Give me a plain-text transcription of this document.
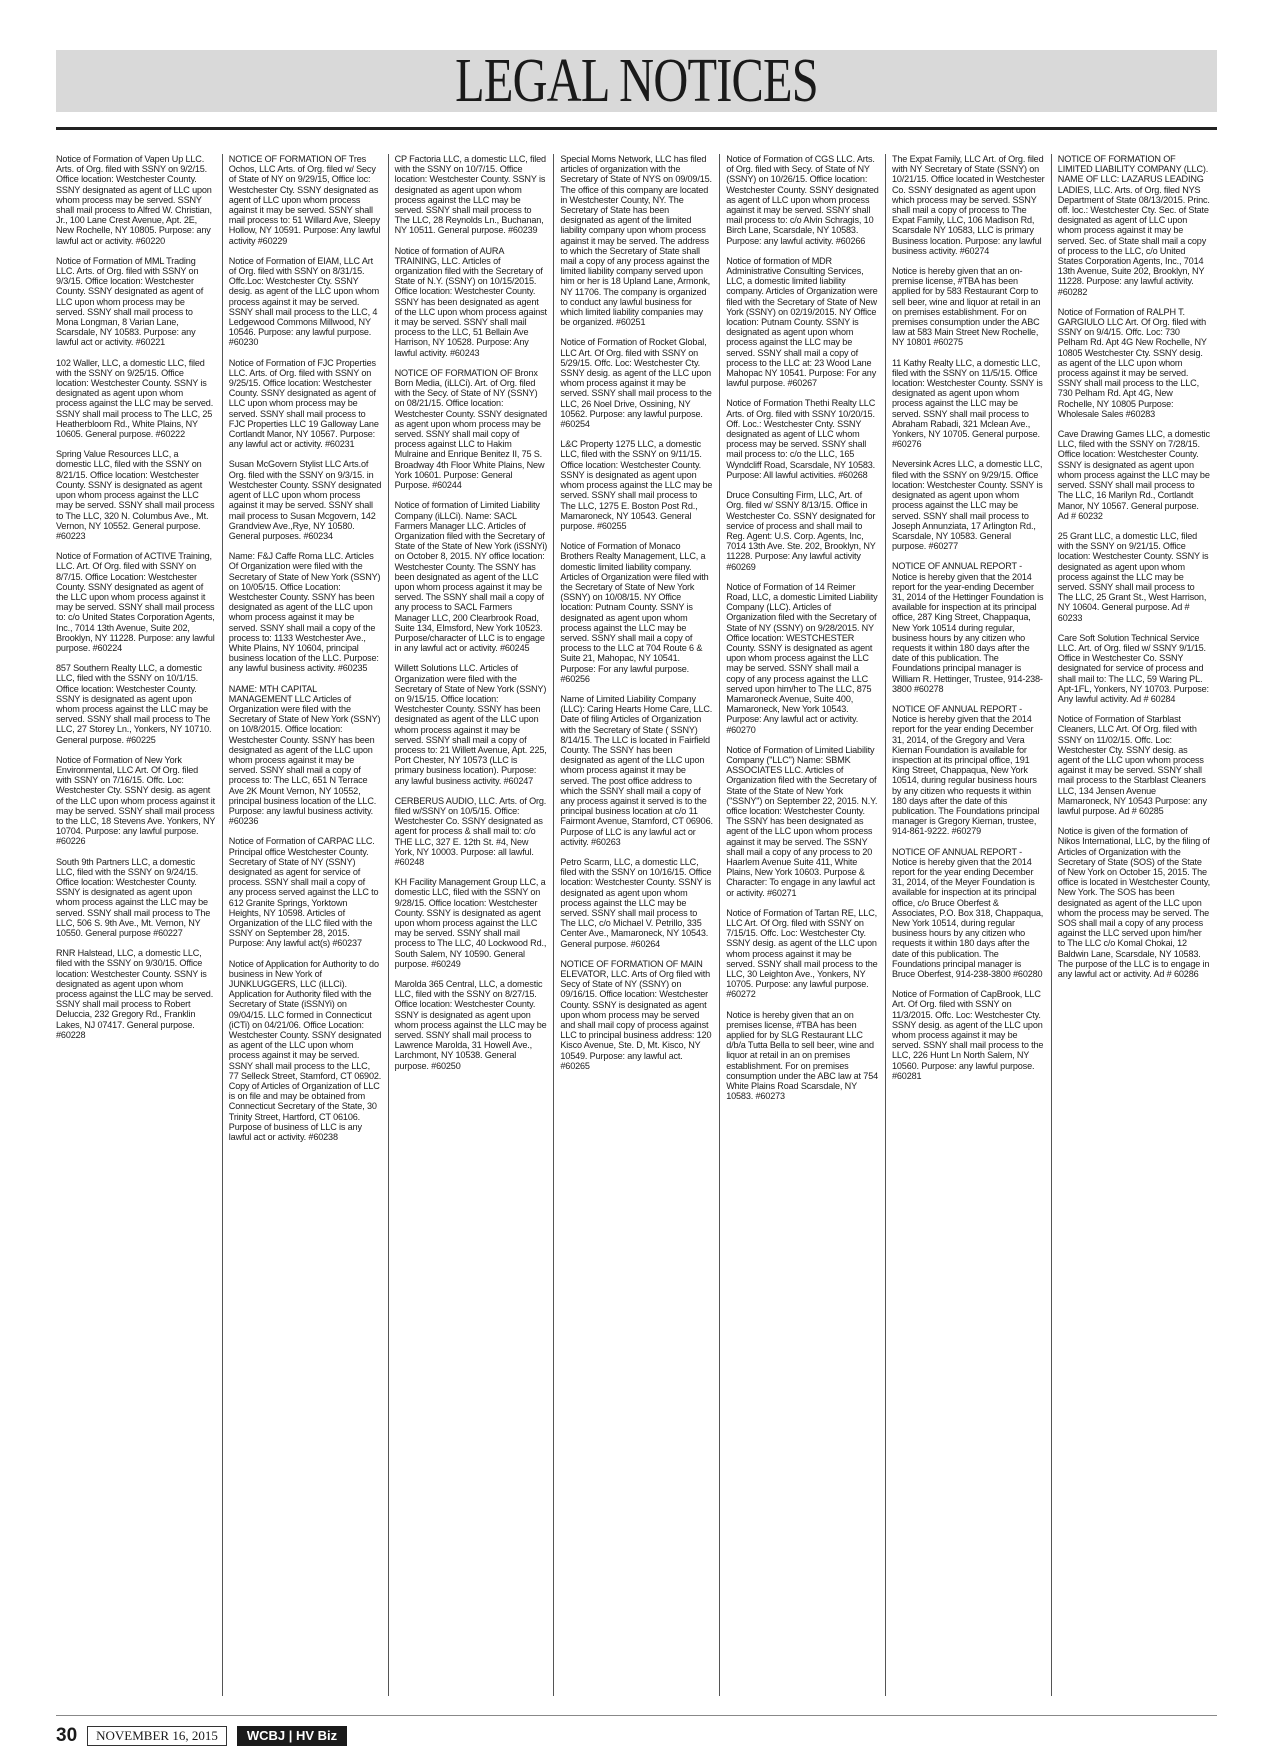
LEGAL NOTICES

Notice of Formation of Vapen Up LLC. Arts. of Org. filed with SSNY on 9/2/15. Office location: Westchester County. SSNY designated as agent of LLC upon whom process may be served. SSNY shall mail process to Alfred W. Christian, Jr., 100 Lane Crest Avenue, Apt. 2E, New Rochelle, NY 10805. Purpose: any lawful act or activity. #60220

Notice of Formation of MML Trading LLC. Arts. of Org. filed with SSNY on 9/3/15. Office location: Westchester County. SSNY designated as agent of LLC upon whom process may be served. SSNY shall mail process to Mona Longman, 8 Varian Lane, Scarsdale, NY 10583. Purpose: any lawful act or activity. #60221

102 Waller, LLC, a domestic LLC, filed with the SSNY on 9/25/15. Office location: Westchester County. SSNY is designated as agent upon whom process against the LLC may be served. SSNY shall mail process to The LLC, 25 Heatherbloom Rd., White Plains, NY 10605. General purpose. #60222

Spring Value Resources LLC, a domestic LLC, filed with the SSNY on 8/21/15. Office location: Westchester County. SSNY is designated as agent upon whom process against the LLC may be served. SSNY shall mail process to The LLC, 320 N. Columbus Ave., Mt. Vernon, NY 10552. General purpose. #60223

Notice of Formation of ACTIVE Training, LLC. Art. Of Org. filed with SSNY on 8/7/15. Office Location: Westchester County. SSNY designated as agent of the LLC upon whom process against it may be served. SSNY shall mail process to: c/o United States Corporation Agents, Inc., 7014 13th Avenue, Suite 202, Brooklyn, NY 11228. Purpose: any lawful purpose. #60224

857 Southern Realty LLC, a domestic LLC, filed with the SSNY on 10/1/15. Office location: Westchester County. SSNY is designated as agent upon whom process against the LLC may be served. SSNY shall mail process to The LLC, 27 Storey Ln., Yonkers, NY 10710. General purpose. #60225

Notice of Formation of New York Environmental, LLC Art. Of Org. filed with SSNY on 7/16/15. Offc. Loc: Westchester Cty. SSNY desig. as agent of the LLC upon whom process against it may be served. SSNY shall mail process to the LLC, 18 Stevens Ave. Yonkers, NY 10704. Purpose: any lawful purpose. #60226

South 9th Partners LLC, a domestic LLC, filed with the SSNY on 9/24/15. Office location: Westchester County. SSNY is designated as agent upon whom process against the LLC may be served. SSNY shall mail process to The LLC, 506 S. 9th Ave., Mt. Vernon, NY 10550. General purpose #60227

RNR Halstead, LLC, a domestic LLC, filed with the SSNY on 9/30/15. Office location: Westchester County. SSNY is designated as agent upon whom process against the LLC may be served. SSNY shall mail process to Robert Deluccia, 232 Gregory Rd., Franklin Lakes, NJ 07417. General purpose. #60228

NOTICE OF FORMATION OF Tres Ochos, LLC Arts. of Org. filed w/ Secy of State of NY on 9/29/15, Office loc: Westchester Cty. SSNY designated as agent of LLC upon whom process against it may be served. SSNY shall mail process to: 51 Willard Ave, Sleepy Hollow, NY 10591. Purpose: Any lawful activity #60229

Notice of Formation of EIAM, LLC Art of Org. filed with SSNY on 8/31/15. Offc.Loc: Westchester Cty. SSNY desig. as agent of the LLC upon whom process against it may be served. SSNY shall mail process to the LLC, 4 Ledgewood Commons Millwood, NY 10546. Purpose: any lawful purpose. #60230

Notice of Formation of FJC Properties LLC. Arts. of Org. filed with SSNY on 9/25/15. Office location: Westchester County. SSNY designated as agent of LLC upon whom process may be served. SSNY shall mail process to FJC Properties LLC 19 Galloway Lane Cortlandt Manor, NY 10567. Purpose: any lawful act or activity. #60231

Susan McGovern Stylist LLC Arts.of Org. filed with the SSNY on 9/3/15. in Westchester County. SSNY designated agent of LLC upon whom process against it may be served. SSNY shall mail process to Susan Mcgovern, 142 Grandview Ave.,Rye, NY 10580. General purposes. #60234

Name: F&J Caffe Roma LLC. Articles Of Organization were filed with the Secretary of State of New York (SSNY) on 10/05/15. Office Location: Westchester County. SSNY has been designated as agent of the LLC upon whom process against it may be served. SSNY shall mail a copy of the process to: 1133 Westchester Ave., White Plains, NY 10604, principal business location of the LLC. Purpose: any lawful business activity. #60235

NAME: MTH CAPITAL MANAGEMENT LLC Articles of Organization were filed with the Secretary of State of New York (SSNY) on 10/8/2015. Office location: Westchester County. SSNY has been designated as agent of the LLC upon whom process against it may be served. SSNY shall mail a copy of process to: The LLC, 651 N Terrace Ave 2K Mount Vernon, NY 10552, principal business location of the LLC. Purpose: any lawful business activity. #60236

Notice of Formation of CARPAC LLC. Principal office Westchester County. Secretary of State of NY (SSNY) designated as agent for service of process. SSNY shall mail a copy of any process served against the LLC to 612 Granite Springs, Yorktown Heights, NY 10598. Articles of Organization of the LLC filed with the SSNY on September 28, 2015. Purpose: Any lawful act(s) #60237

Notice of Application for Authority to do business in New York of JUNKLUGGERS, LLC (iLLCi). Application for Authority filed with the Secretary of State (iSSNYi) on 09/04/15. LLC formed in Connecticut (iCTi) on 04/21/06. Office Location: Westchester County. SSNY designated as agent of the LLC upon whom process against it may be served. SSNY shall mail process to the LLC, 77 Selleck Street, Stamford, CT 06902. Copy of Articles of Organization of LLC is on file and may be obtained from Connecticut Secretary of the State, 30 Trinity Street, Hartford, CT 06106. Purpose of business of LLC is any lawful act or activity. #60238

CP Factoria LLC, a domestic LLC, filed with the SSNY on 10/7/15. Office location: Westchester County. SSNY is designated as agent upon whom process against the LLC may be served. SSNY shall mail process to The LLC, 28 Reynolds Ln., Buchanan, NY 10511. General purpose. #60239

Notice of formation of AURA TRAINING, LLC. Articles of organization filed with the Secretary of State of N.Y. (SSNY) on 10/15/2015. Office location: Westchester County. SSNY has been designated as agent of the LLC upon whom process against it may be served. SSNY shall mail process to the LLC, 51 Bellain Ave Harrison, NY 10528. Purpose: Any lawful activity. #60243

NOTICE OF FORMATION OF Bronx Born Media, (iLLCi). Art. of Org. filed with the Secy. of State of NY (SSNY) on 08/21/15. Office location: Westchester County. SSNY designated as agent upon whom process may be served. SSNY shall mail copy of process against LLC to Hakim Mulraine and Enrique Benitez II, 75 S. Broadway 4th Floor White Plains, New York 10601. Purpose: General Purpose. #60244

Notice of formation of Limited Liability Company (iLLCi). Name: SACL Farmers Manager LLC. Articles of Organization filed with the Secretary of State of the State of New York (iSSNYi) on October 8, 2015. NY office location: Westchester County. The SSNY has been designated as agent of the LLC upon whom process against it may be served. The SSNY shall mail a copy of any process to SACL Farmers Manager LLC, 200 Clearbrook Road, Suite 134, Elmsford, New York 10523. Purpose/character of LLC is to engage in any lawful act or activity. #60245

Willett Solutions LLC. Articles of Organization were filed with the Secretary of State of New York (SSNY) on 9/15/15. Office location: Westchester County. SSNY has been designated as agent of the LLC upon whom process against it may be served. SSNY shall mail a copy of process to: 21 Willett Avenue, Apt. 225, Port Chester, NY 10573 (LLC is primary business location). Purpose: any lawful business activity. #60247

CERBERUS AUDIO, LLC. Arts. of Org. filed w/SSNY on 10/5/15. Office: Westchester Co. SSNY designated as agent for process & shall mail to: c/o THE LLC, 327 E. 12th St. #4, New York, NY 10003. Purpose: all lawful. #60248

KH Facility Management Group LLC, a domestic LLC, filed with the SSNY on 9/28/15. Office location: Westchester County. SSNY is designated as agent upon whom process against the LLC may be served. SSNY shall mail process to The LLC, 40 Lockwood Rd., South Salem, NY 10590. General purpose. #60249

Marolda 365 Central, LLC, a domestic LLC, filed with the SSNY on 8/27/15. Office location: Westchester County. SSNY is designated as agent upon whom process against the LLC may be served. SSNY shall mail process to Lawrence Marolda, 31 Howell Ave., Larchmont, NY 10538. General purpose. #60250

Special Moms Network, LLC has filed articles of organization with the Secretary of State of NYS on 09/09/15. The office of this company are located in Westchester County, NY. The Secretary of State has been designated as agent of the limited liability company upon whom process against it may be served. The address to which the Secretary of State shall mail a copy of any process against the limited liability company served upon him or her is 18 Upland Lane, Armonk, NY 11706. The company is organized to conduct any lawful business for which limited liability companies may be organized. #60251

Notice of Formation of Rocket Global, LLC Art. Of Org. filed with SSNY on 5/29/15. Offc. Loc: Westchester Cty. SSNY desig. as agent of the LLC upon whom process against it may be served. SSNY shall mail process to the LLC, 26 Noel Drive, Ossining, NY 10562. Purpose: any lawful purpose. #60254

L&C Property 1275 LLC, a domestic LLC, filed with the SSNY on 9/11/15. Office location: Westchester County. SSNY is designated as agent upon whom process against the LLC may be served. SSNY shall mail process to The LLC, 1275 E. Boston Post Rd., Mamaroneck, NY 10543. General purpose. #60255

Notice of Formation of Monaco Brothers Realty Management, LLC, a domestic limited liability company. Articles of Organization were filed with the Secretary of State of New York (SSNY) on 10/08/15. NY Office location: Putnam County. SSNY is designated as agent upon whom process against the LLC may be served. SSNY shall mail a copy of process to the LLC at 704 Route 6 & Suite 21, Mahopac, NY 10541. Purpose: For any lawful purpose. #60256

Name of Limited Liability Company (LLC): Caring Hearts Home Care, LLC. Date of filing Articles of Organization with the Secretary of State ( SSNY) 8/14/15. The LLC is located in Fairfield County. The SSNY has been designated as agent of the LLC upon whom process against it may be served. The post office address to which the SSNY shall mail a copy of any process against it served is to the principal business location at c/o 11 Fairmont Avenue, Stamford, CT 06906. Purpose of LLC is any lawful act or activity. #60263

Petro Scarm, LLC, a domestic LLC, filed with the SSNY on 10/16/15. Office location: Westchester County. SSNY is designated as agent upon whom process against the LLC may be served. SSNY shall mail process to The LLC, c/o Michael V. Petrillo, 335 Center Ave., Mamaroneck, NY 10543. General purpose. #60264

NOTICE OF FORMATION OF MAIN ELEVATOR, LLC. Arts of Org filed with Secy of State of NY (SSNY) on 09/16/15. Office location: Westchester County. SSNY is designated as agent upon whom process may be served and shall mail copy of process against LLC to principal business address: 120 Kisco Avenue, Ste. D, Mt. Kisco, NY 10549. Purpose: any lawful act. #60265

Notice of Formation of CGS LLC. Arts. of Org. filed with Secy. of State of NY (SSNY) on 10/26/15. Office location: Westchester County. SSNY designated as agent of LLC upon whom process against it may be served. SSNY shall mail process to: c/o Alvin Schragis, 10 Birch Lane, Scarsdale, NY 10583. Purpose: any lawful activity. #60266

Notice of formation of MDR Administrative Consulting Services, LLC, a domestic limited liability company. Articles of Organization were filed with the Secretary of State of New York (SSNY) on 02/19/2015. NY Office location: Putnam County. SSNY is designated as agent upon whom process against the LLC may be served. SSNY shall mail a copy of process to the LLC at: 23 Wood Lane Mahopac NY 10541. Purpose: For any lawful purpose. #60267

Notice of Formation Thethi Realty LLC Arts. of Org. filed with SSNY 10/20/15. Off. Loc.: Westchester Cnty. SSNY designated as agent of LLC whom process may be served. SSNY shall mail process to: c/o the LLC, 165 Wyndcliff Road, Scarsdale, NY 10583. Purpose: All lawful activities. #60268

Druce Consulting Firm, LLC, Art. of Org. filed w/ SSNY 8/13/15. Office in Westchester Co. SSNY designated for service of process and shall mail to Reg. Agent: U.S. Corp. Agents, Inc, 7014 13th Ave. Ste. 202, Brooklyn, NY 11228. Purpose: Any lawful activity #60269

Notice of Formation of 14 Reimer Road, LLC, a domestic Limited Liability Company (LLC). Articles of Organization filed with the Secretary of State of NY (SSNY) on 9/28/2015. NY Office location: WESTCHESTER County. SSNY is designated as agent upon whom process against the LLC may be served. SSNY shall mail a copy of any process against the LLC served upon him/her to The LLC, 875 Mamaroneck Avenue, Suite 400, Mamaroneck, New York 10543. Purpose: Any lawful act or activity. #60270

Notice of Formation of Limited Liability Company ("LLC") Name: SBMK ASSOCIATES LLC. Articles of Organization filed with the Secretary of State of the State of New York ("SSNY") on September 22, 2015. N.Y. office location: Westchester County. The SSNY has been designated as agent of the LLC upon whom process against it may be served. The SSNY shall mail a copy of any process to 20 Haarlem Avenue Suite 411, White Plains, New York 10603. Purpose & Character: To engage in any lawful act or activity. #60271

Notice of Formation of Tartan RE, LLC, LLC Art. Of Org. filed with SSNY on 7/15/15. Offc. Loc: Westchester Cty. SSNY desig. as agent of the LLC upon whom process against it may be served. SSNY shall mail process to the LLC, 30 Leighton Ave., Yonkers, NY 10705. Purpose: any lawful purpose. #60272

Notice is hereby given that an on premises license, #TBA has been applied for by SLG Restaurant LLC d/b/a Tutta Bella to sell beer, wine and liquor at retail in an on premises establishment. For on premises consumption under the ABC law at 754 White Plains Road Scarsdale, NY 10583. #60273

The Expat Family, LLC Art. of Org. filed with NY Secretary of State (SSNY) on 10/21/15. Office located in Westchester Co. SSNY designated as agent upon which process may be served. SSNY shall mail a copy of process to The Expat Family, LLC, 106 Madison Rd, Scarsdale NY 10583, LLC is primary Business location. Purpose: any lawful business activity. #60274

Notice is hereby given that an on-premise license, #TBA has been applied for by 583 Restaurant Corp to sell beer, wine and liquor at retail in an on premises establishment. For on premises consumption under the ABC law at 583 Main Street New Rochelle, NY 10801 #60275

11 Kathy Realty LLC, a domestic LLC, filed with the SSNY on 11/5/15. Office location: Westchester County. SSNY is designated as agent upon whom process against the LLC may be served. SSNY shall mail process to Abraham Rabadi, 321 Mclean Ave., Yonkers, NY 10705. General purpose. #60276

Neversink Acres LLC, a domestic LLC, filed with the SSNY on 9/29/15. Office location: Westchester County. SSNY is designated as agent upon whom process against the LLC may be served. SSNY shall mail process to Joseph Annunziata, 17 Arlington Rd., Scarsdale, NY 10583. General purpose. #60277

NOTICE OF ANNUAL REPORT - Notice is hereby given that the 2014 report for the year-ending December 31, 2014 of the Hettinger Foundation is available for inspection at its principal office, 287 King Street, Chappaqua, New York 10514 during regular, business hours by any citizen who requests it within 180 days after the date of this publication. The Foundations principal manager is William R. Hettinger, Trustee, 914-238-3800 #60278

NOTICE OF ANNUAL REPORT - Notice is hereby given that the 2014 report for the year ending December 31, 2014, of the Gregory and Vera Kiernan Foundation is available for inspection at its principal office, 191 King Street, Chappaqua, New York 10514, during regular business hours by any citizen who requests it within 180 days after the date of this publication. The Foundations principal manager is Gregory Kiernan, trustee, 914-861-9222. #60279

NOTICE OF ANNUAL REPORT - Notice is hereby given that the 2014 report for the year ending December 31, 2014, of the Meyer Foundation is available for inspection at its principal office, c/o Bruce Oberfest & Associates, P.O. Box 318, Chappaqua, New York 10514, during regular business hours by any citizen who requests it within 180 days after the date of this publication. The Foundations principal manager is Bruce Oberfest, 914-238-3800 #60280

Notice of Formation of CapBrook, LLC Art. Of Org. filed with SSNY on 11/3/2015. Offc. Loc: Westchester Cty. SSNY desig. as agent of the LLC upon whom process against it may be served. SSNY shall mail process to the LLC, 226 Hunt Ln North Salem, NY 10560. Purpose: any lawful purpose. #60281

NOTICE OF FORMATION OF LIMITED LIABILITY COMPANY (LLC). NAME OF LLC: LAZARUS LEADING LADIES, LLC. Arts. of Org. filed NYS Department of State 08/13/2015. Princ. off. loc.: Westchester Cty. Sec. of State designated as agent of LLC upon whom process against it may be served. Sec. of State shall mail a copy of process to the LLC, c/o United States Corporation Agents, Inc., 7014 13th Avenue, Suite 202, Brooklyn, NY 11228. Purpose: any lawful activity. #60282

Notice of Formation of RALPH T. GARGIULO LLC Art. Of Org. filed with SSNY on 9/4/15. Offc. Loc: 730 Pelham Rd. Apt 4G New Rochelle, NY 10805 Westchester Cty. SSNY desig. as agent of the LLC upon whom process against it may be served. SSNY shall mail process to the LLC, 730 Pelham Rd. Apt 4G, New Rochelle, NY 10805 Purpose: Wholesale Sales #60283

Cave Drawing Games LLC, a domestic LLC, filed with the SSNY on 7/28/15. Office location: Westchester County. SSNY is designated as agent upon whom process against the LLC may be served. SSNY shall mail process to The LLC, 16 Marilyn Rd., Cortlandt Manor, NY 10567. General purpose. Ad # 60232

25 Grant LLC, a domestic LLC, filed with the SSNY on 9/21/15. Office location: Westchester County. SSNY is designated as agent upon whom process against the LLC may be served. SSNY shall mail process to The LLC, 25 Grant St., West Harrison, NY 10604. General purpose. Ad # 60233

Care Soft Solution Technical Service LLC. Art. of Org. filed w/ SSNY 9/1/15. Office in Westchester Co. SSNY designated for service of process and shall mail to: The LLC, 59 Waring PL. Apt-1FL, Yonkers, NY 10703. Purpose: Any lawful activity. Ad # 60284

Notice of Formation of Starblast Cleaners, LLC Art. Of Org. filed with SSNY on 11/02/15. Offc. Loc: Westchester Cty. SSNY desig. as agent of the LLC upon whom process against it may be served. SSNY shall mail process to the Starblast Cleaners LLC, 134 Jensen Avenue Mamaroneck, NY 10543 Purpose: any lawful purpose. Ad # 60285

Notice is given of the formation of Nikos International, LLC, by the filing of Articles of Organization with the Secretary of State (SOS) of the State of New York on October 15, 2015. The office is located in Westchester County, New York. The SOS has been designated as agent of the LLC upon whom the process may be served. The SOS shall mail a copy of any process against the LLC served upon him/her to The LLC c/o Komal Chokai, 12 Baldwin Lane, Scarsdale, NY 10583. The purpose of the LLC is to engage in any lawful act or activity. Ad # 60286

30	NOVEMBER 16, 2015	WCBJ | HV Biz
